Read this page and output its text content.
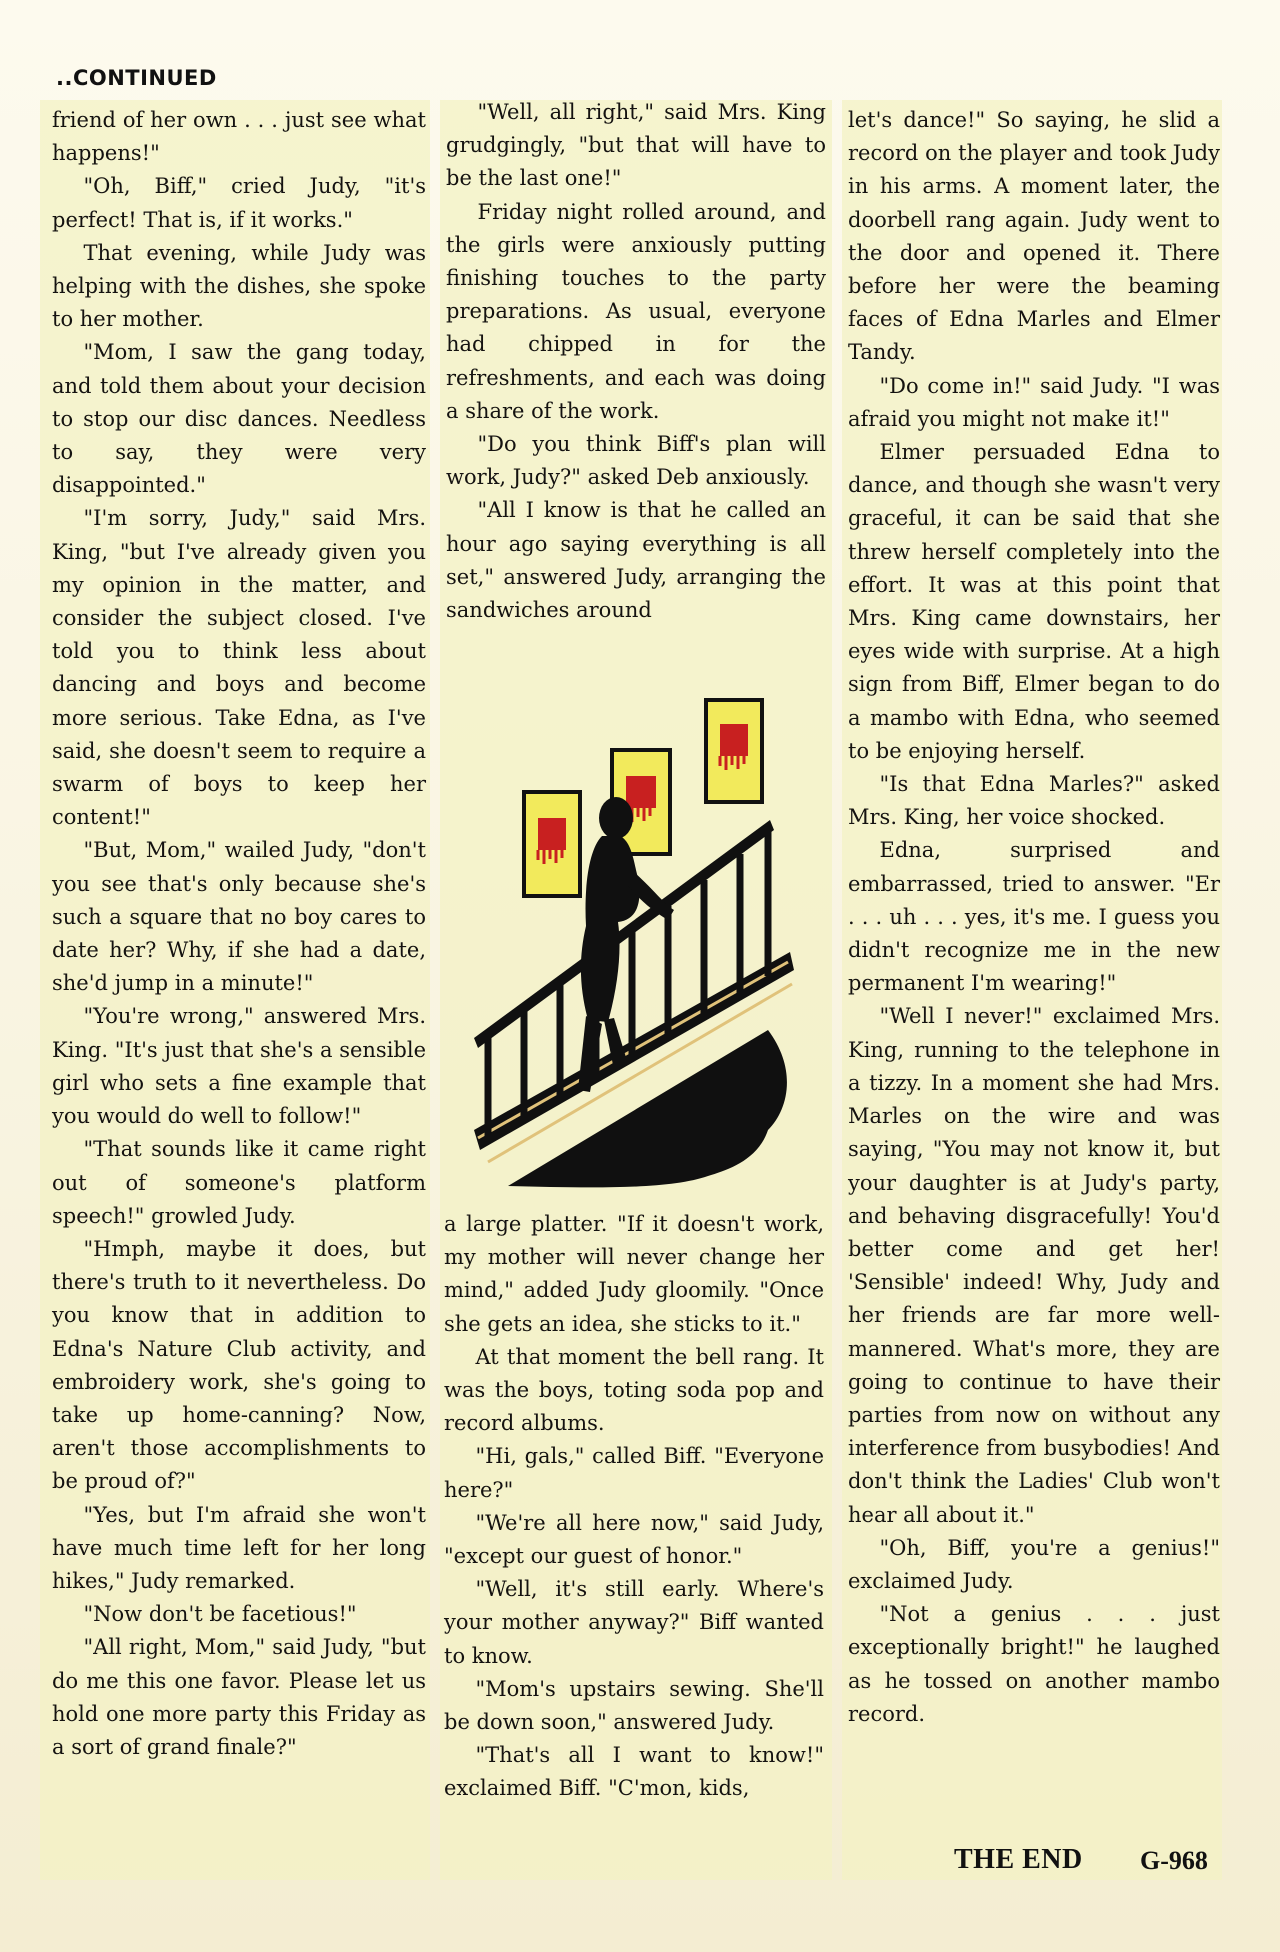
..CONTINUED

friend of her own . . . just see what happens!"

"Oh, Biff," cried Judy, "it's perfect! That is, if it works."

That evening, while Judy was helping with the dishes, she spoke to her mother.

"Mom, I saw the gang today, and told them about your decision to stop our disc dances. Needless to say, they were very disappointed."

"I'm sorry, Judy," said Mrs. King, "but I've already given you my opinion in the matter, and consider the subject closed. I've told you to think less about dancing and boys and become more serious. Take Edna, as I've said, she doesn't seem to require a swarm of boys to keep her content!"

"But, Mom," wailed Judy, "don't you see that's only because she's such a square that no boy cares to date her? Why, if she had a date, she'd jump in a minute!"

"You're wrong," answered Mrs. King. "It's just that she's a sensible girl who sets a fine example that you would do well to follow!"

"That sounds like it came right out of someone's platform speech!" growled Judy.

"Hmph, maybe it does, but there's truth to it nevertheless. Do you know that in addition to Edna's Nature Club activity, and embroidery work, she's going to take up home-canning? Now, aren't those accomplishments to be proud of?"

"Yes, but I'm afraid she won't have much time left for her long hikes," Judy remarked.

"Now don't be facetious!"

"All right, Mom," said Judy, "but do me this one favor. Please let us hold one more party this Friday as a sort of grand finale?"

"Well, all right," said Mrs. King grudgingly, "but that will have to be the last one!"

Friday night rolled around, and the girls were anxiously putting finishing touches to the party preparations. As usual, everyone had chipped in for the refreshments, and each was doing a share of the work.

"Do you think Biff's plan will work, Judy?" asked Deb anxiously.

"All I know is that he called an hour ago saying everything is all set," answered Judy, arranging the sandwiches around

a large platter. "If it doesn't work, my mother will never change her mind," added Judy gloomily. "Once she gets an idea, she sticks to it."

At that moment the bell rang. It was the boys, toting soda pop and record albums.

"Hi, gals," called Biff. "Everyone here?"

"We're all here now," said Judy, "except our guest of honor."

"Well, it's still early. Where's your mother anyway?" Biff wanted to know.

"Mom's upstairs sewing. She'll be down soon," answered Judy.

"That's all I want to know!" exclaimed Biff. "C'mon, kids,

let's dance!" So saying, he slid a record on the player and took Judy in his arms. A moment later, the doorbell rang again. Judy went to the door and opened it. There before her were the beaming faces of Edna Marles and Elmer Tandy.

"Do come in!" said Judy. "I was afraid you might not make it!"

Elmer persuaded Edna to dance, and though she wasn't very graceful, it can be said that she threw herself completely into the effort. It was at this point that Mrs. King came downstairs, her eyes wide with surprise. At a high sign from Biff, Elmer began to do a mambo with Edna, who seemed to be enjoying herself.

"Is that Edna Marles?" asked Mrs. King, her voice shocked.

Edna, surprised and embarrassed, tried to answer. "Er . . . uh . . . yes, it's me. I guess you didn't recognize me in the new permanent I'm wearing!"

"Well I never!" exclaimed Mrs. King, running to the telephone in a tizzy. In a moment she had Mrs. Marles on the wire and was saying, "You may not know it, but your daughter is at Judy's party, and behaving disgracefully! You'd better come and get her! 'Sensible' indeed! Why, Judy and her friends are far more well-mannered. What's more, they are going to continue to have their parties from now on without any interference from busybodies! And don't think the Ladies' Club won't hear all about it."

"Oh, Biff, you're a genius!" exclaimed Judy.

"Not a genius . . . just exceptionally bright!" he laughed as he tossed on another mambo record.

THE END G-968
